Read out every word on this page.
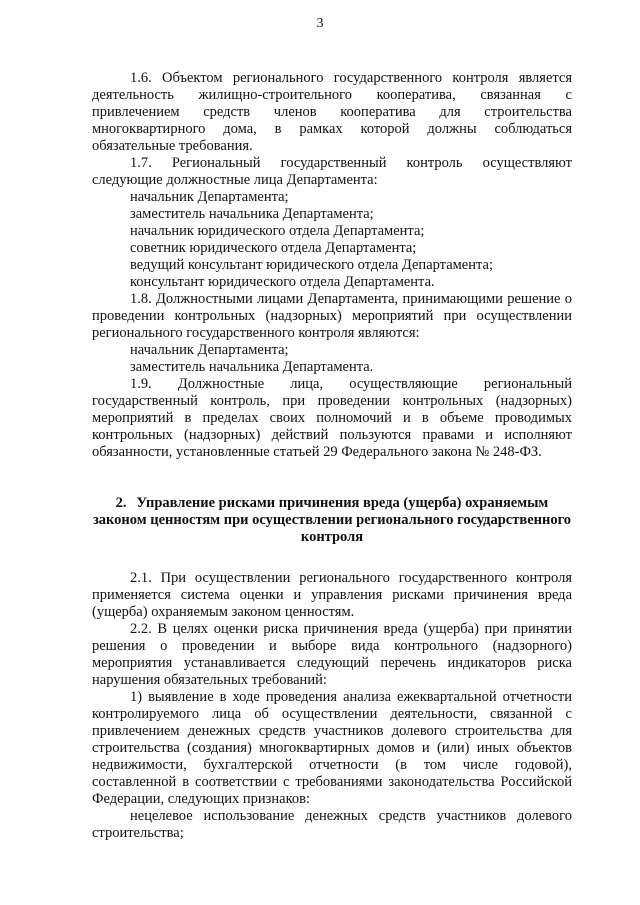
3

1.6. Объектом регионального государственного контроля является деятельность жилищно-строительного кооператива, связанная с привлечением средств членов кооператива для строительства многоквартирного дома, в рамках которой должны соблюдаться обязательные требования.

1.7. Региональный государственный контроль осуществляют следующие должностные лица Департамента:

начальник Департамента;

заместитель начальника Департамента;

начальник юридического отдела Департамента;

советник юридического отдела Департамента;

ведущий консультант юридического отдела Департамента;

консультант юридического отдела Департамента.

1.8. Должностными лицами Департамента, принимающими решение о проведении контрольных (надзорных) мероприятий при осуществлении регионального государственного контроля являются:

начальник Департамента;

заместитель начальника Департамента.

1.9. Должностные лица, осуществляющие региональный государственный контроль, при проведении контрольных (надзорных) мероприятий в пределах своих полномочий и в объеме проводимых контрольных (надзорных) действий пользуются правами и исполняют обязанности, установленные статьей 29 Федерального закона № 248-ФЗ.

2. Управление рисками причинения вреда (ущерба) охраняемым законом ценностям при осуществлении регионального государственного контроля

2.1. При осуществлении регионального государственного контроля применяется система оценки и управления рисками причинения вреда (ущерба) охраняемым законом ценностям.

2.2. В целях оценки риска причинения вреда (ущерба) при принятии решения о проведении и выборе вида контрольного (надзорного) мероприятия устанавливается следующий перечень индикаторов риска нарушения обязательных требований:

1) выявление в ходе проведения анализа ежеквартальной отчетности контролируемого лица об осуществлении деятельности, связанной с привлечением денежных средств участников долевого строительства для строительства (создания) многоквартирных домов и (или) иных объектов недвижимости, бухгалтерской отчетности (в том числе годовой), составленной в соответствии с требованиями законодательства Российской Федерации, следующих признаков:

нецелевое использование денежных средств участников долевого строительства;
